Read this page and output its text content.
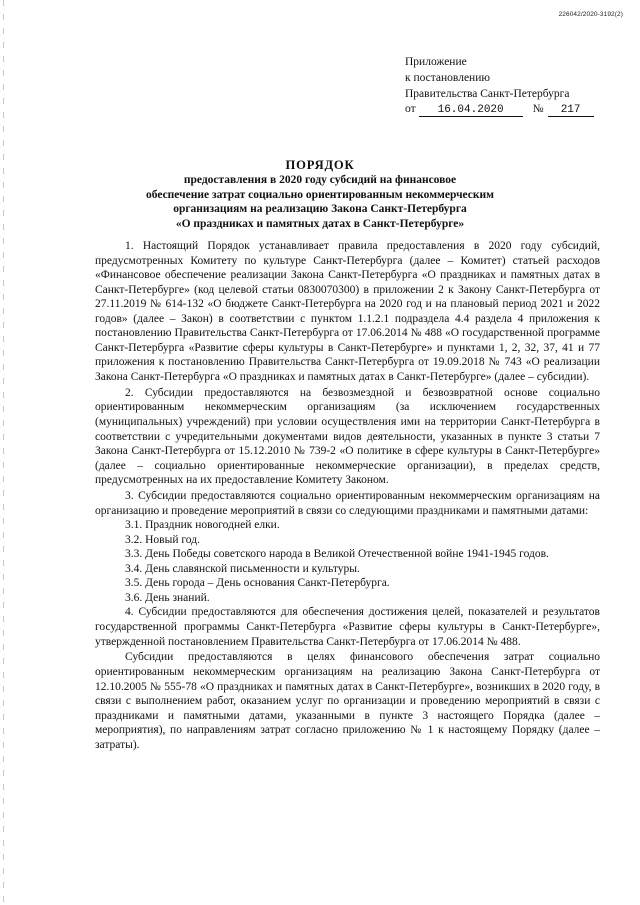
226042/2020-3192(2)
Приложение
к постановлению
Правительства Санкт-Петербурга
от 16.04.2020	№ 217
ПОРЯДОК
предоставления в 2020 году субсидий на финансовое
обеспечение затрат социально ориентированным некоммерческим
организациям на реализацию Закона Санкт-Петербурга
«О праздниках и памятных датах в Санкт-Петербурге»

1. Настоящий Порядок устанавливает правила предоставления в 2020 году субсидий, предусмотренных Комитету по культуре Санкт-Петербурга (далее – Комитет) статьей расходов «Финансовое обеспечение реализации Закона Санкт-Петербурга «О праздниках и памятных датах в Санкт-Петербурге» (код целевой статьи 0830070300) в приложении 2 к Закону Санкт-Петербурга от 27.11.2019 № 614-132 «О бюджете Санкт-Петербурга на 2020 год и на плановый период 2021 и 2022 годов» (далее – Закон) в соответствии с пунктом 1.1.2.1 подраздела 4.4 раздела 4 приложения к постановлению Правительства Санкт-Петербурга от 17.06.2014 № 488 «О государственной программе Санкт-Петербурга «Развитие сферы культуры в Санкт-Петербурге» и пунктами 1, 2, 32, 37, 41 и 77 приложения к постановлению Правительства Санкт-Петербурга от 19.09.2018 № 743 «О реализации Закона Санкт-Петербурга «О праздниках и памятных датах в Санкт-Петербурге» (далее – субсидии).

2. Субсидии предоставляются на безвозмездной и безвозвратной основе социально ориентированным некоммерческим организациям (за исключением государственных (муниципальных) учреждений) при условии осуществления ими на территории Санкт-Петербурга в соответствии с учредительными документами видов деятельности, указанных в пункте 3 статьи 7 Закона Санкт-Петербурга от 15.12.2010 № 739-2 «О политике в сфере культуры в Санкт-Петербурге» (далее – социально ориентированные некоммерческие организации), в пределах средств, предусмотренных на их предоставление Комитету Законом.

3. Субсидии предоставляются социально ориентированным некоммерческим организациям на организацию и проведение мероприятий в связи со следующими праздниками и памятными датами:

3.1. Праздник новогодней елки.

3.2. Новый год.

3.3. День Победы советского народа в Великой Отечественной войне 1941-1945 годов.

3.4. День славянской письменности и культуры.

3.5. День города – День основания Санкт-Петербурга.

3.6. День знаний.

4. Субсидии предоставляются для обеспечения достижения целей, показателей и результатов государственной программы Санкт-Петербурга «Развитие сферы культуры в Санкт-Петербурге», утвержденной постановлением Правительства Санкт-Петербурга от 17.06.2014 № 488.

Субсидии предоставляются в целях финансового обеспечения затрат социально ориентированным некоммерческим организациям на реализацию Закона Санкт-Петербурга от 12.10.2005 № 555-78 «О праздниках и памятных датах в Санкт-Петербурге», возникших в 2020 году, в связи с выполнением работ, оказанием услуг по организации и проведению мероприятий в связи с праздниками и памятными датами, указанными в пункте 3 настоящего Порядка (далее – мероприятия), по направлениям затрат согласно приложению № 1 к настоящему Порядку (далее – затраты).
